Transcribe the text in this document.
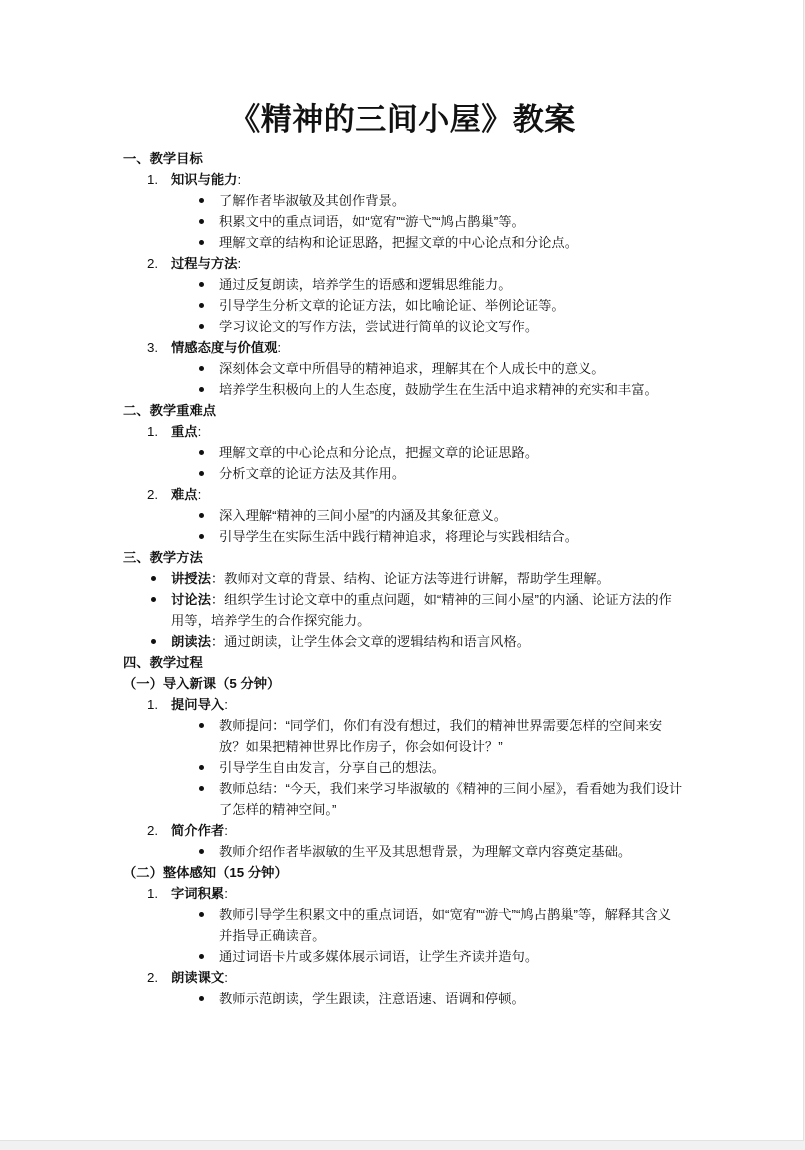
《精神的三间小屋》教案
一、教学目标
1. 知识与能力:
了解作者毕淑敏及其创作背景。
积累文中的重点词语，如“宽宥”“游弋”“鸠占鹊巢”等。
理解文章的结构和论证思路，把握文章的中心论点和分论点。
2. 过程与方法:
通过反复朗读，培养学生的语感和逻辑思维能力。
引导学生分析文章的论证方法，如比喻论证、举例论证等。
学习议论文的写作方法，尝试进行简单的议论文写作。
3. 情感态度与价值观:
深刻体会文章中所倡导的精神追求，理解其在个人成长中的意义。
培养学生积极向上的人生态度，鼓励学生在生活中追求精神的充实和丰富。
二、教学重难点
1. 重点:
理解文章的中心论点和分论点，把握文章的论证思路。
分析文章的论证方法及其作用。
2. 难点:
深入理解“精神的三间小屋”的内涵及其象征意义。
引导学生在实际生活中践行精神追求，将理论与实践相结合。
三、教学方法
讲授法：教师对文章的背景、结构、论证方法等进行讲解，帮助学生理解。
讨论法：组织学生讨论文章中的重点问题，如“精神的三间小屋”的内涵、论证方法的作用等，培养学生的合作探究能力。
朗读法：通过朗读，让学生体会文章的逻辑结构和语言风格。
四、教学过程
（一）导入新课（5 分钟）
1. 提问导入:
教师提问：“同学们，你们有没有想过，我们的精神世界需要怎样的空间来安放？如果把精神世界比作房子，你会如何设计？”
引导学生自由发言，分享自己的想法。
教师总结：“今天，我们来学习毕淑敏的《精神的三间小屋》，看看她为我们设计了怎样的精神空间。”
2. 简介作者:
教师介绍作者毕淑敏的生平及其思想背景，为理解文章内容奠定基础。
（二）整体感知（15 分钟）
1. 字词积累:
教师引导学生积累文中的重点词语，如“宽宥”“游弋”“鸠占鹊巢”等，解释其含义并指导正确读音。
通过词语卡片或多媒体展示词语，让学生齐读并造句。
2. 朗读课文:
教师示范朗读，学生跟读，注意语速、语调和停顿。
